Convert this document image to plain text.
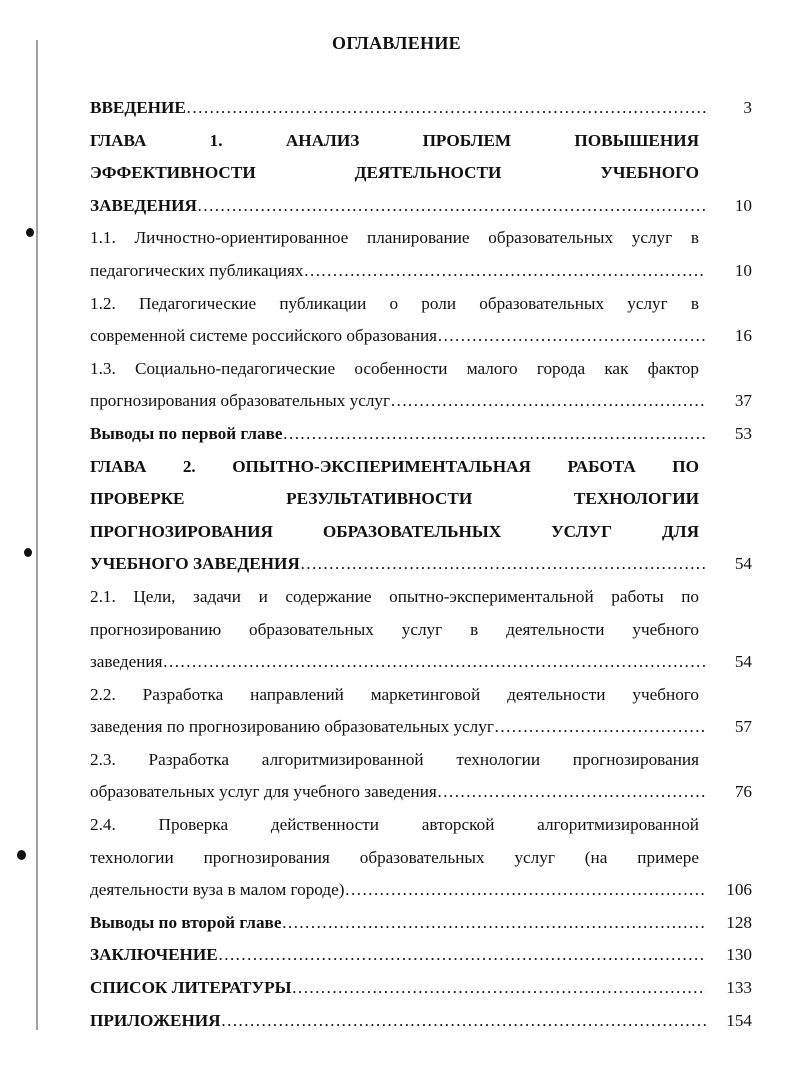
ОГЛАВЛЕНИЕ
ВВЕДЕНИЕ …………………………………………………………………………………………………………………………………………………………………………	3
ГЛАВА 1. АНАЛИЗ ПРОБЛЕМ ПОВЫШЕНИЯ
ЭФФЕКТИВНОСТИ ДЕЯТЕЛЬНОСТИ УЧЕБНОГО
ЗАВЕДЕНИЯ …………………………………………………………………………………………………………………………………………………………………………	10
1.1. Личностно-ориентированное планирование образовательных услуг в
педагогических публикациях …………………………………………………………………………………………………………………………………………………………………………	10
1.2. Педагогические публикации о роли образовательных услуг в
современной системе российского образования …………………………………………………………………………………………………………………………………………………………………………	16
1.3. Социально-педагогические особенности малого города как фактор
прогнозирования образовательных услуг …………………………………………………………………………………………………………………………………………………………………………	37
Выводы по первой главе …………………………………………………………………………………………………………………………………………………………………………	53
ГЛАВА 2. ОПЫТНО-ЭКСПЕРИМЕНТАЛЬНАЯ РАБОТА ПО
ПРОВЕРКЕ РЕЗУЛЬТАТИВНОСТИ ТЕХНОЛОГИИ
ПРОГНОЗИРОВАНИЯ ОБРАЗОВАТЕЛЬНЫХ УСЛУГ ДЛЯ
УЧЕБНОГО ЗАВЕДЕНИЯ …………………………………………………………………………………………………………………………………………………………………………	54
2.1. Цели, задачи и содержание опытно-экспериментальной работы по
прогнозированию образовательных услуг в деятельности учебного
заведения …………………………………………………………………………………………………………………………………………………………………………	54
2.2. Разработка направлений маркетинговой деятельности учебного
заведения по прогнозированию образовательных услуг …………………………………………………………………………………………………………………………………………………………………………	57
2.3. Разработка алгоритмизированной технологии прогнозирования
образовательных услуг для учебного заведения …………………………………………………………………………………………………………………………………………………………………………	76
2.4. Проверка действенности авторской алгоритмизированной
технологии прогнозирования образовательных услуг (на примере
деятельности вуза в малом городе) …………………………………………………………………………………………………………………………………………………………………………	106
Выводы по второй главе …………………………………………………………………………………………………………………………………………………………………………	128
ЗАКЛЮЧЕНИЕ …………………………………………………………………………………………………………………………………………………………………………	130
СПИСОК ЛИТЕРАТУРЫ …………………………………………………………………………………………………………………………………………………………………………	133
ПРИЛОЖЕНИЯ …………………………………………………………………………………………………………………………………………………………………………	154
